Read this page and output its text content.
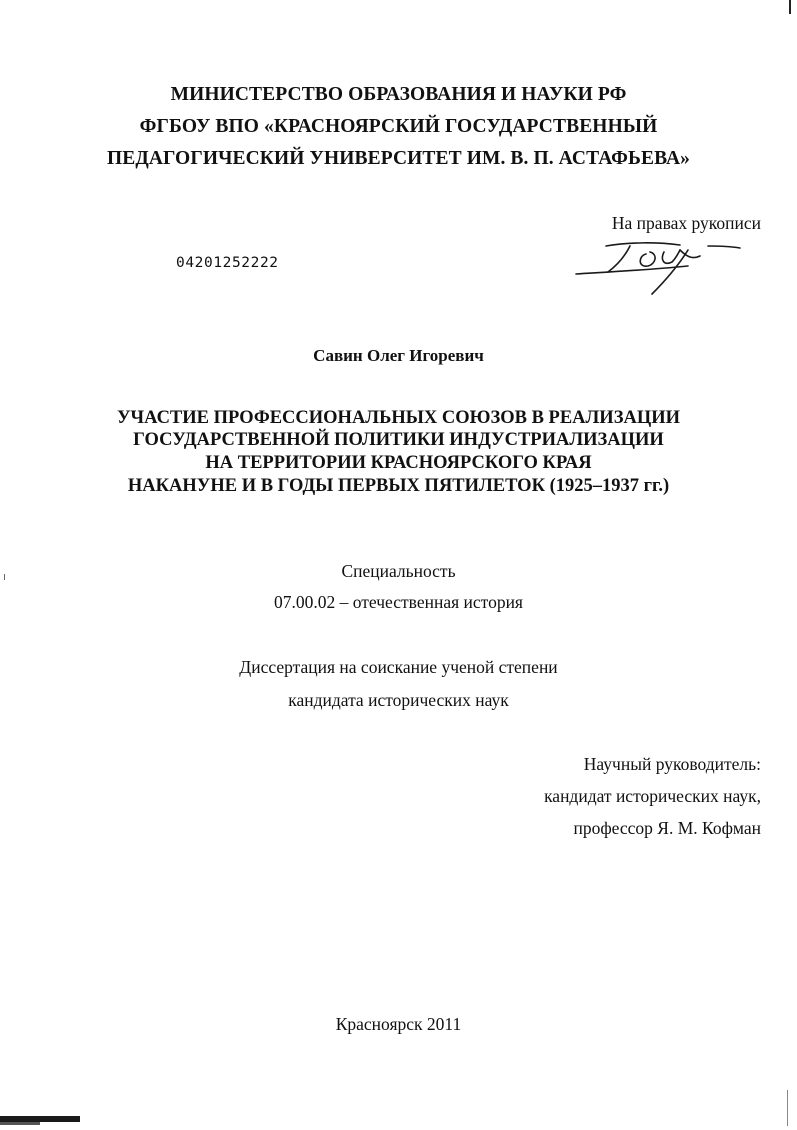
МИНИСТЕРСТВО ОБРАЗОВАНИЯ И НАУКИ РФ
ФГБОУ ВПО «КРАСНОЯРСКИЙ ГОСУДАРСТВЕННЫЙ
ПЕДАГОГИЧЕСКИЙ УНИВЕРСИТЕТ ИМ. В. П. АСТАФЬЕВА»
На правах рукописи
04201252222
Савин Олег Игоревич
УЧАСТИЕ ПРОФЕССИОНАЛЬНЫХ СОЮЗОВ В РЕАЛИЗАЦИИ
ГОСУДАРСТВЕННОЙ ПОЛИТИКИ ИНДУСТРИАЛИЗАЦИИ
НА ТЕРРИТОРИИ КРАСНОЯРСКОГО КРАЯ
НАКАНУНЕ И В ГОДЫ ПЕРВЫХ ПЯТИЛЕТОК (1925–1937 гг.)
Специальность
07.00.02 – отечественная история
Диссертация на соискание ученой степени
кандидата исторических наук
Научный руководитель:
кандидат исторических наук,
профессор Я. М. Кофман
Красноярск 2011
